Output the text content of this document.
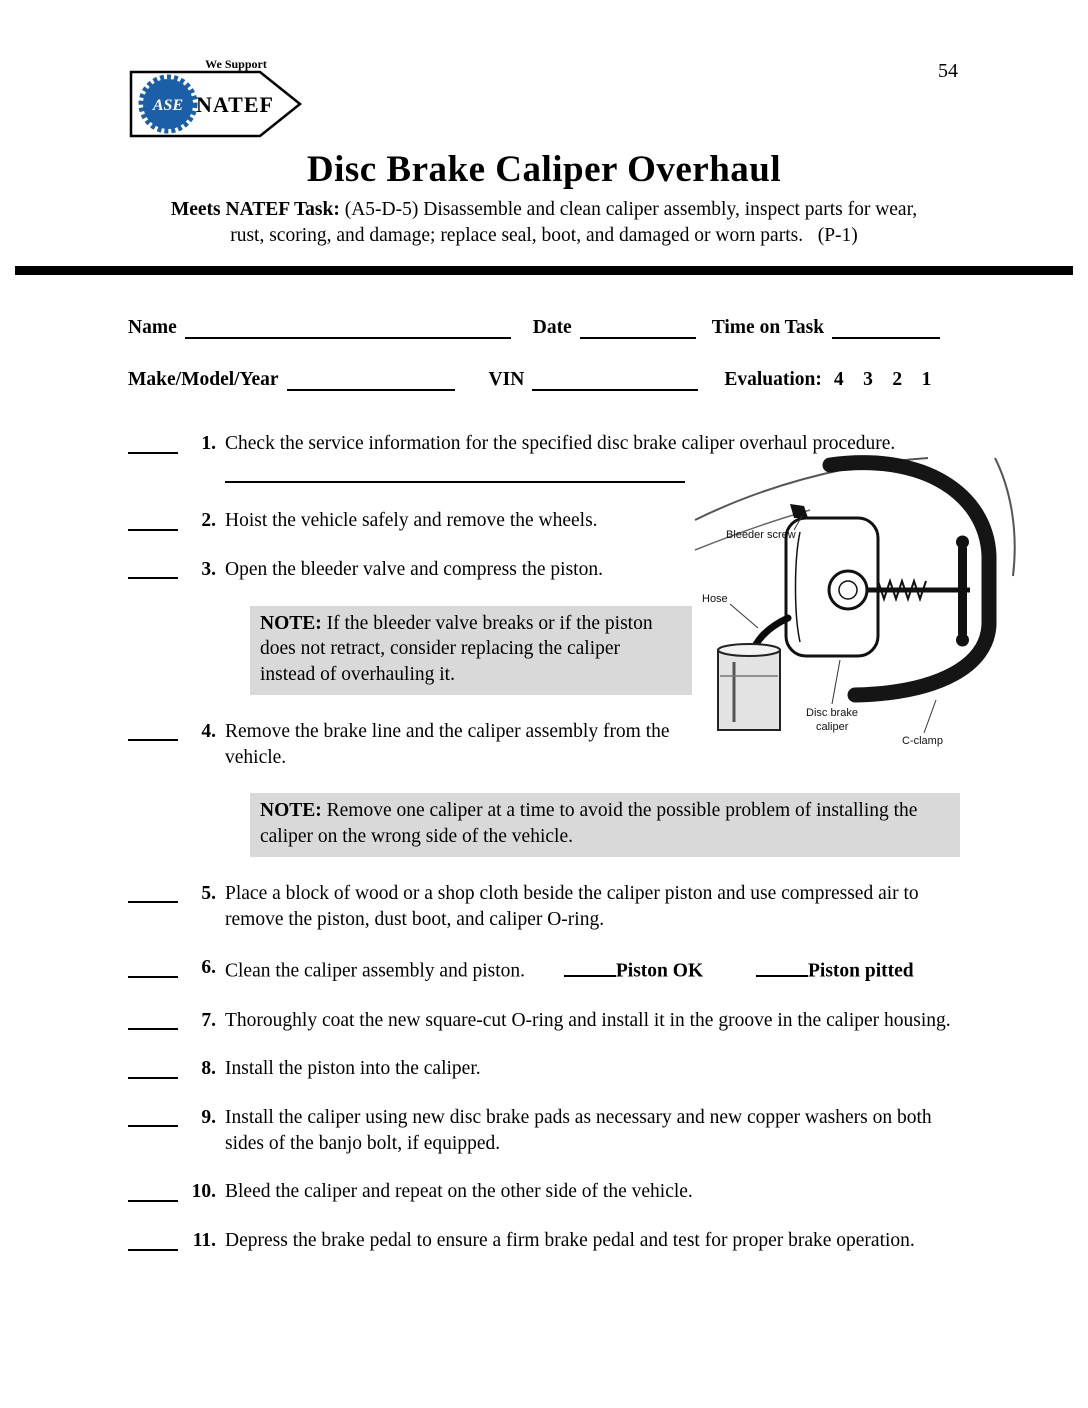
54
ASE
We Support
NATEF
Disc Brake Caliper Overhaul
Meets NATEF Task: (A5-D-5) Disassemble and clean caliper assembly, inspect parts for wear,
rust, scoring, and damage; replace seal, boot, and damaged or worn parts.   (P-1)
Name	Date	Time on Task
Make/Model/Year	VIN	Evaluation: 4    3    2    1
1. Check the service information for the specified disc brake caliper overhaul procedure.
2. Hoist the vehicle safely and remove the wheels.
3. Open the bleeder valve and compress the piston.
NOTE: If the bleeder valve breaks or if the piston does not retract, consider replacing the caliper instead of overhauling it.
4. Remove the brake line and the caliper assembly from the vehicle.
NOTE: Remove one caliper at a time to avoid the possible problem of installing the caliper on the wrong side of the vehicle.
5. Place a block of wood or a shop cloth beside the caliper piston and use compressed air to remove the piston, dust boot, and caliper O-ring.
6. Clean the caliper assembly and piston.	Piston OK	Piston pitted
7. Thoroughly coat the new square-cut O-ring and install it in the groove in the caliper housing.
8. Install the piston into the caliper.
9. Install the caliper using new disc brake pads as necessary and new copper washers on both sides of the banjo bolt, if equipped.
10. Bleed the caliper and repeat on the other side of the vehicle.
11. Depress the brake pedal to ensure a firm brake pedal and test for proper brake operation.
Bleeder screw
Hose
Disc brake
caliper
C-clamp
